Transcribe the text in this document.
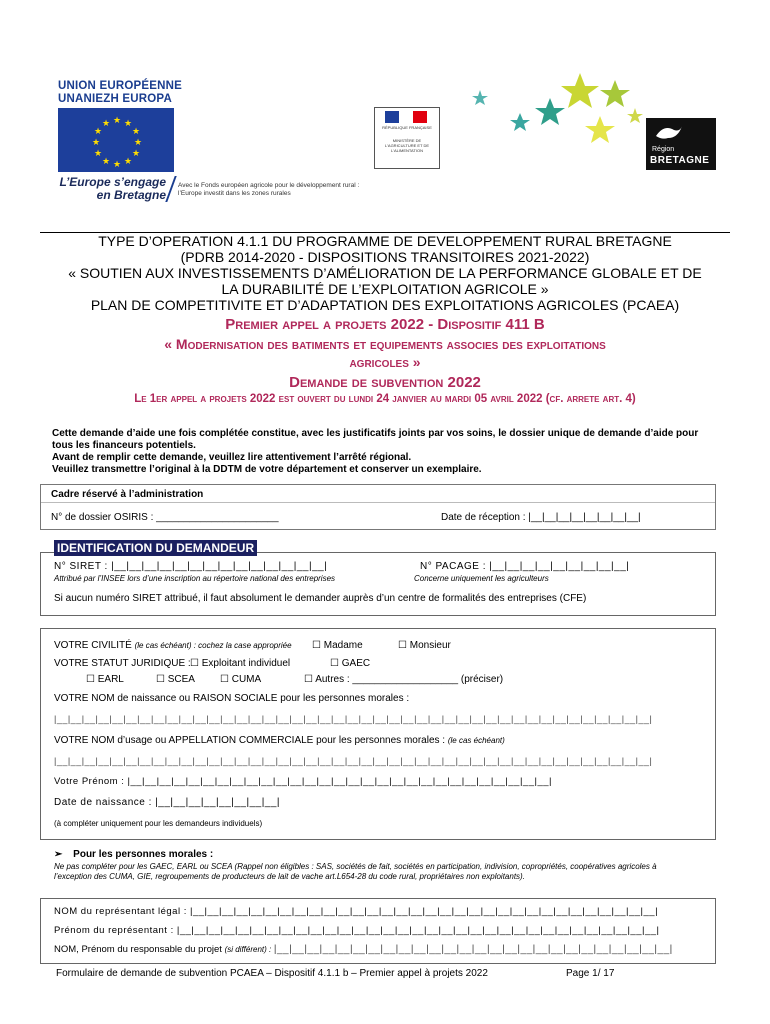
UNION EUROPÉENNE
UNANIEZH EUROPA
★ ★
★
★
★
★
★
★
★
★
★
★
L’Europe s’engage
en Bretagne
Avec le Fonds européen agricole pour le développement rural :
l’Europe investit dans les zones rurales
RÉPUBLIQUE FRANÇAISE
MINISTÈRE DE L'AGRICULTURE ET DE L'ALIMENTATION	Région
BRETAGNE
TYPE D’OPERATION 4.1.1 DU PROGRAMME DE DEVELOPPEMENT RURAL BRETAGNE
(PDRB 2014-2020 - DISPOSITIONS TRANSITOIRES 2021-2022)
« SOUTIEN AUX INVESTISSEMENTS D’AMÉLIORATION DE LA PERFORMANCE GLOBALE ET DE
LA DURABILITÉ DE L’EXPLOITATION AGRICOLE »
PLAN DE COMPETITIVITE ET D’ADAPTATION DES EXPLOITATIONS AGRICOLES (PCAEA)
Premier appel a projets 2022 - Dispositif 411 B
« Modernisation des batiments et equipements associes des exploitations
agricoles »
Demande de subvention 2022
Le 1er appel a projets 2022 est ouvert du lundi 24 janvier au mardi 05 avril 2022 (cf. arrete art. 4)
Cette demande d’aide une fois complétée constitue, avec les justificatifs joints par vos soins, le dossier unique de demande d’aide pour tous les financeurs potentiels.
Avant de remplir cette demande, veuillez lire attentivement l’arrêté régional.
Veuillez transmettre l’original à la DDTM de votre département et conserver un exemplaire.
Cadre réservé à l’administration
N° de dossier OSIRIS : ______________________	Date de réception : |__|__|__|__|__|__|__|__|
IDENTIFICATION DU DEMANDEUR
N° SIRET : |__|__|__|__|__|__|__|__|__|__|__|__|__|__|	N° PACAGE : |__|__|__|__|__|__|__|__|__|
Attribué par l’INSEE lors d’une inscription au répertoire national des entreprises	Concerne uniquement les agriculteurs
Si aucun numéro SIRET attribué, il faut absolument le demander auprès d’un centre de formalités des entreprises (CFE)
VOTRE CIVILITÉ (le cas échéant) : cochez la case appropriée ☐ Madame	☐ Monsieur
VOTRE STATUT JURIDIQUE : ☐ Exploitant individuel	☐ GAEC
☐ EARL	☐ SCEA	☐ CUMA	☐ Autres : ___________________ (préciser)
VOTRE NOM de naissance ou RAISON SOCIALE pour les personnes morales :
|__|__|__|__|__|__|__|__|__|__|__|__|__|__|__|__|__|__|__|__|__|__|__|__|__|__|__|__|__|__|__|__|__|__|__|__|__|__|__|__|__|__|__|
VOTRE NOM d’usage ou APPELLATION COMMERCIALE pour les personnes morales : (le cas échéant)
|__|__|__|__|__|__|__|__|__|__|__|__|__|__|__|__|__|__|__|__|__|__|__|__|__|__|__|__|__|__|__|__|__|__|__|__|__|__|__|__|__|__|__|
Votre Prénom : |__|__|__|__|__|__|__|__|__|__|__|__|__|__|__|__|__|__|__|__|__|__|__|__|__|__|__|__|__|
Date de naissance : |__|__|__|__|__|__|__|__|
(à compléter uniquement pour les demandeurs individuels)
➢ Pour les personnes morales :
Ne pas compléter pour les GAEC, EARL ou SCEA (Rappel non éligibles : SAS, sociétés de fait, sociétés en participation, indivision, copropriétés, coopératives agricoles à l’exception des CUMA, GIE, regroupements de producteurs de lait de vache art.L654-28 du code rural, propriétaires non exploitants).
NOM du représentant légal : |__|__|__|__|__|__|__|__|__|__|__|__|__|__|__|__|__|__|__|__|__|__|__|__|__|__|__|__|__|__|__|__|
Prénom du représentant : |__|__|__|__|__|__|__|__|__|__|__|__|__|__|__|__|__|__|__|__|__|__|__|__|__|__|__|__|__|__|__|__|__|
NOM, Prénom du responsable du projet (si différent) : |__|__|__|__|__|__|__|__|__|__|__|__|__|__|__|__|__|__|__|__|__|__|__|__|__|__|
Formulaire de demande de subvention PCAEA – Dispositif 4.1.1 b – Premier appel à projets 2022	Page 1/ 17
